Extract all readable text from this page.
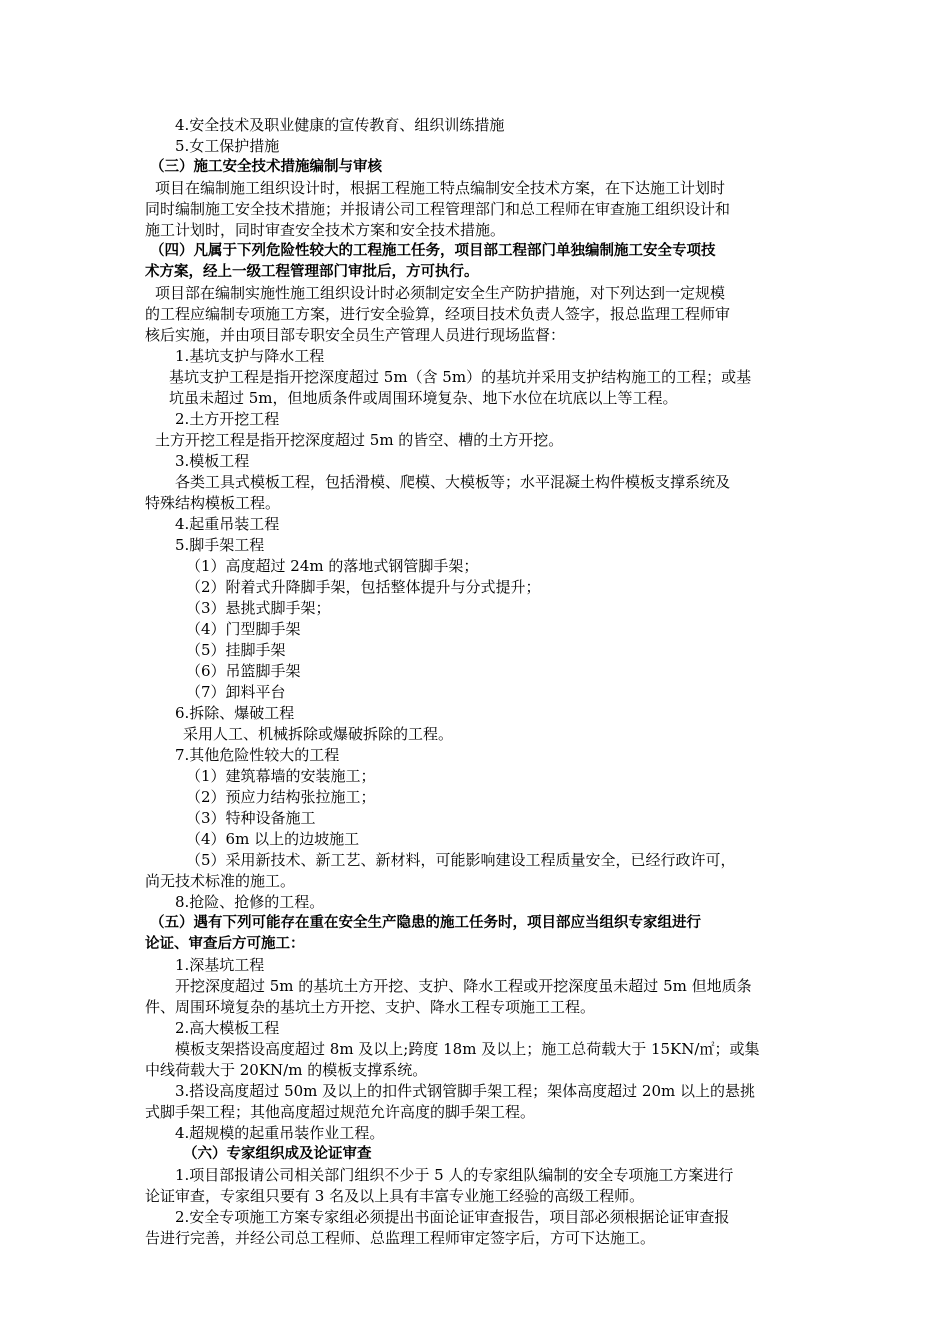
4.安全技术及职业健康的宣传教育、组织训练措施
5.女工保护措施
（三）施工安全技术措施编制与审核
项目在编制施工组织设计时，根据工程施工特点编制安全技术方案，在下达施工计划时
同时编制施工安全技术措施；并报请公司工程管理部门和总工程师在审查施工组织设计和
施工计划时，同时审查安全技术方案和安全技术措施。
（四）凡属于下列危险性较大的工程施工任务，项目部工程部门单独编制施工安全专项技
术方案，经上一级工程管理部门审批后，方可执行。
项目部在编制实施性施工组织设计时必须制定安全生产防护措施，对下列达到一定规模
的工程应编制专项施工方案，进行安全验算，经项目技术负责人签字，报总监理工程师审
核后实施，并由项目部专职安全员生产管理人员进行现场监督：
1.基坑支护与降水工程
基坑支护工程是指开挖深度超过 5m（含 5m）的基坑并采用支护结构施工的工程；或基
坑虽未超过 5m，但地质条件或周围环境复杂、地下水位在坑底以上等工程。
2.土方开挖工程
土方开挖工程是指开挖深度超过 5m 的皆空、槽的土方开挖。
3.模板工程
各类工具式模板工程，包括滑模、爬模、大模板等；水平混凝土构件模板支撑系统及
特殊结构模板工程。
4.起重吊装工程
5.脚手架工程
（1）高度超过 24m 的落地式钢管脚手架；
（2）附着式升降脚手架，包括整体提升与分式提升；
（3）悬挑式脚手架；
（4）门型脚手架
（5）挂脚手架
（6）吊篮脚手架
（7）卸料平台
6.拆除、爆破工程
采用人工、机械拆除或爆破拆除的工程。
7.其他危险性较大的工程
（1）建筑幕墙的安装施工；
（2）预应力结构张拉施工；
（3）特种设备施工
（4）6m 以上的边坡施工
（5）采用新技术、新工艺、新材料，可能影响建设工程质量安全，已经行政许可，
尚无技术标准的施工。
8.抢险、抢修的工程。
（五）遇有下列可能存在重在安全生产隐患的施工任务时，项目部应当组织专家组进行
论证、审查后方可施工：
1.深基坑工程
开挖深度超过 5m 的基坑土方开挖、支护、降水工程或开挖深度虽未超过 5m 但地质条
件、周围环境复杂的基坑土方开挖、支护、降水工程专项施工工程。
2.高大模板工程
模板支架搭设高度超过 8m 及以上;跨度 18m 及以上；施工总荷载大于 15KN/㎡；或集
中线荷载大于 20KN/m 的模板支撑系统。
3.搭设高度超过 50m 及以上的扣件式钢管脚手架工程；架体高度超过 20m 以上的悬挑
式脚手架工程；其他高度超过规范允许高度的脚手架工程。
4.超规模的起重吊装作业工程。
（六）专家组织成及论证审查
1.项目部报请公司相关部门组织不少于 5 人的专家组队编制的安全专项施工方案进行
论证审查，专家组只要有 3 名及以上具有丰富专业施工经验的高级工程师。
2.安全专项施工方案专家组必须提出书面论证审查报告，项目部必须根据论证审查报
告进行完善，并经公司总工程师、总监理工程师审定签字后，方可下达施工。
